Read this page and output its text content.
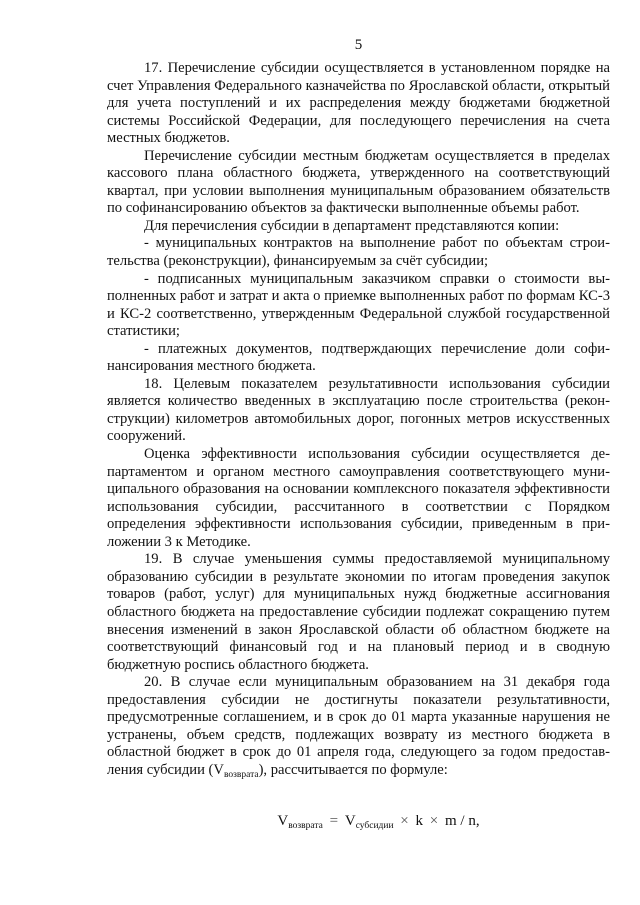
5

17. Перечисление субсидии осуществляется в установленном порядке на счет Управления Федерального казначейства по Ярославской области, открытый для учета поступлений и их распределения между бюджетами бюджетной системы Российской Федерации, для последующего перечисления на счета местных бюджетов.

Перечисление субсидии местным бюджетам осуществляется в пределах кассового плана областного бюджета, утвержденного на соответствующий квартал, при условии выполнения муниципальным образованием обязательств по софинансированию объектов за фактически выполненные объемы работ.

Для перечисления субсидии в департамент представляются копии:

- муниципальных контрактов на выполнение работ по объектам строительства (реконструкции), финансируемым за счёт субсидии;

- подписанных муниципальным заказчиком справки о стоимости выполненных работ и затрат и акта о приемке выполненных работ по формам КС-3 и КС-2 соответственно, утвержденным Федеральной службой государственной статистики;

- платежных документов, подтверждающих перечисление доли софинансирования местного бюджета.

18. Целевым показателем результативности использования субсидии является количество введенных в эксплуатацию после строительства (реконструкции) километров автомобильных дорог, погонных метров искусственных сооружений.

Оценка эффективности использования субсидии осуществляется департаментом и органом местного самоуправления соответствующего муниципального образования на основании комплексного показателя эффективности использования субсидии, рассчитанного в соответствии с Порядком определения эффективности использования субсидии, приведенным в приложении 3 к Методике.

19. В случае уменьшения суммы предоставляемой муниципальному образованию субсидии в результате экономии по итогам проведения закупок товаров (работ, услуг) для муниципальных нужд бюджетные ассигнования областного бюджета на предоставление субсидии подлежат сокращению путем внесения изменений в закон Ярославской области об областном бюджете на соответствующий финансовый год и на плановый период и в сводную бюджетную роспись областного бюджета.

20. В случае если муниципальным образованием на 31 декабря года предоставления субсидии не достигнуты показатели результативности, предусмотренные соглашением, и в срок до 01 марта указанные нарушения не устранены, объем средств, подлежащих возврату из местного бюджета в областной бюджет в срок до 01 апреля года, следующего за годом предоставления субсидии $(V_{возврата})$, рассчитывается по формуле:

$V_{возврата} = V_{субсидии} \times k \times m / n$,
